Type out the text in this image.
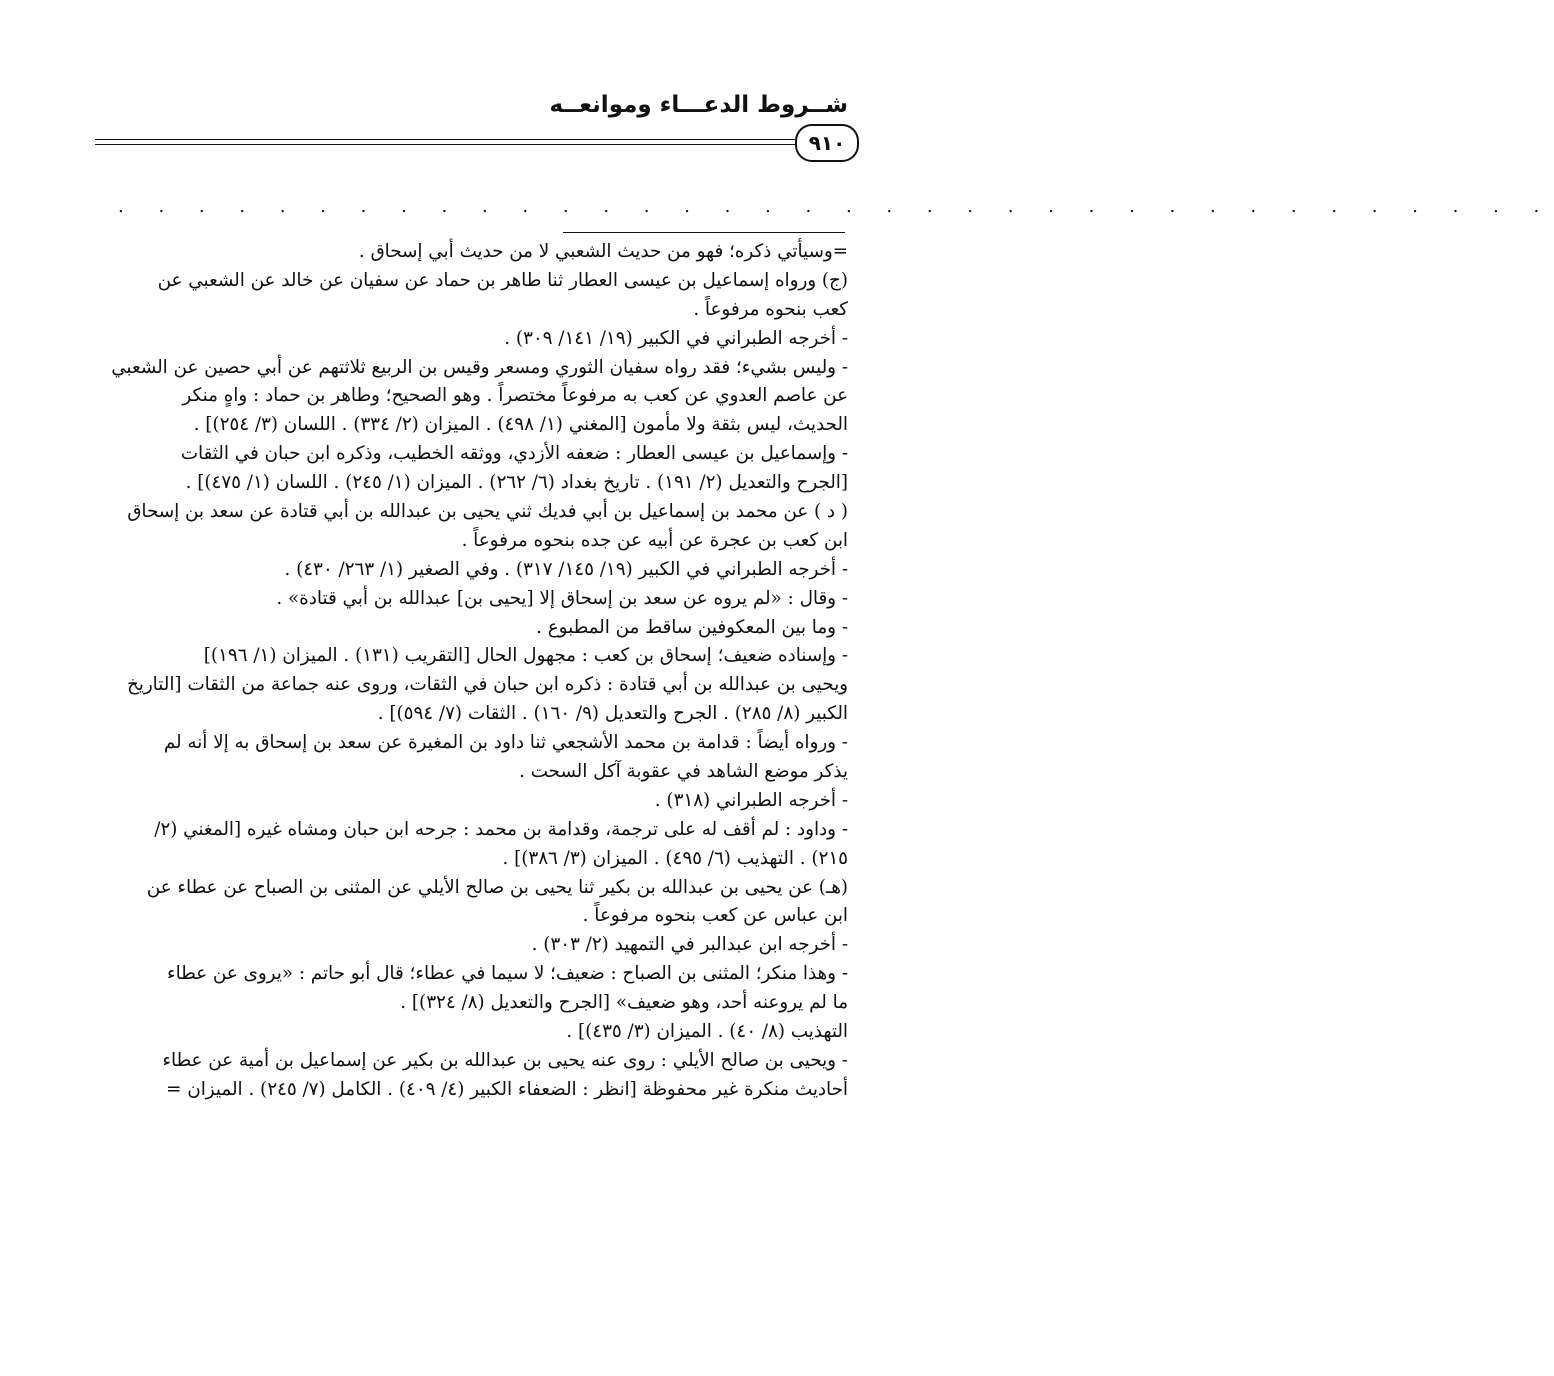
شــروط الدعـــاء وموانعــه
٩١٠
. . . . . . . . . . . . . . . . . . . . . . . . . . . . . . . . . . . .
=وسيأتي ذكره؛ فهو من حديث الشعبي لا من حديث أبي إسحاق .
(ج) ورواه إسماعيل بن عيسى العطار ثنا طاهر بن حماد عن سفيان عن خالد عن الشعبي عن
كعب بنحوه مرفوعاً .
- أخرجه الطبراني في الكبير (١٩/ ١٤١/ ٣٠٩) .
- وليس بشيء؛ فقد رواه سفيان الثوري ومسعر وقيس بن الربيع ثلاثتهم عن أبي حصين عن الشعبي
عن عاصم العدوي عن كعب به مرفوعاً مختصراً . وهو الصحيح؛ وطاهر بن حماد : واهٍ منكر
الحديث، ليس بثقة ولا مأمون [المغني (١/ ٤٩٨) . الميزان (٢/ ٣٣٤) . اللسان (٣/ ٢٥٤)] .
- وإسماعيل بن عيسى العطار : ضعفه الأزدي، ووثقه الخطيب، وذكره ابن حبان في الثقات
[الجرح والتعديل (٢/ ١٩١) . تاريخ بغداد (٦/ ٢٦٢) . الميزان (١/ ٢٤٥) . اللسان (١/ ٤٧٥)] .
( د ) عن محمد بن إسماعيل بن أبي فديك ثني يحيى بن عبدالله بن أبي قتادة عن سعد بن إسحاق
ابن كعب بن عجرة عن أبيه عن جده بنحوه مرفوعاً .
- أخرجه الطبراني في الكبير (١٩/ ١٤٥/ ٣١٧) . وفي الصغير (١/ ٢٦٣/ ٤٣٠) .
- وقال : «لم يروه عن سعد بن إسحاق إلا [يحيى بن] عبدالله بن أبي قتادة» .
- وما بين المعكوفين ساقط من المطبوع .
- وإسناده ضعيف؛ إسحاق بن كعب : مجهول الحال [التقريب (١٣١) . الميزان (١/ ١٩٦)]
ويحيى بن عبدالله بن أبي قتادة : ذكره ابن حبان في الثقات، وروى عنه جماعة من الثقات [التاريخ
الكبير (٨/ ٢٨٥) . الجرح والتعديل (٩/ ١٦٠) . الثقات (٧/ ٥٩٤)] .
- ورواه أيضاً : قدامة بن محمد الأشجعي ثنا داود بن المغيرة عن سعد بن إسحاق به إلا أنه لم
يذكر موضع الشاهد في عقوبة آكل السحت .
- أخرجه الطبراني (٣١٨) .
- وداود : لم أقف له على ترجمة، وقدامة بن محمد : جرحه ابن حبان ومشاه غيره [المغني (٢/
٢١٥) . التهذيب (٦/ ٤٩٥) . الميزان (٣/ ٣٨٦)] .
(هـ) عن يحيى بن عبدالله بن بكير ثنا يحيى بن صالح الأيلي عن المثنى بن الصباح عن عطاء عن
ابن عباس عن كعب بنحوه مرفوعاً .
- أخرجه ابن عبدالبر في التمهيد (٢/ ٣٠٣) .
- وهذا منكر؛ المثنى بن الصباح : ضعيف؛ لا سيما في عطاء؛ قال أبو حاتم : «يروى عن عطاء
ما لم يروعنه أحد، وهو ضعيف» [الجرح والتعديل (٨/ ٣٢٤)] .
التهذيب (٨/ ٤٠) . الميزان (٣/ ٤٣٥)] .
- ويحيى بن صالح الأيلي : روى عنه يحيى بن عبدالله بن بكير عن إسماعيل بن أمية عن عطاء
أحاديث منكرة غير محفوظة [انظر : الضعفاء الكبير (٤/ ٤٠٩) . الكامل (٧/ ٢٤٥) . الميزان =
